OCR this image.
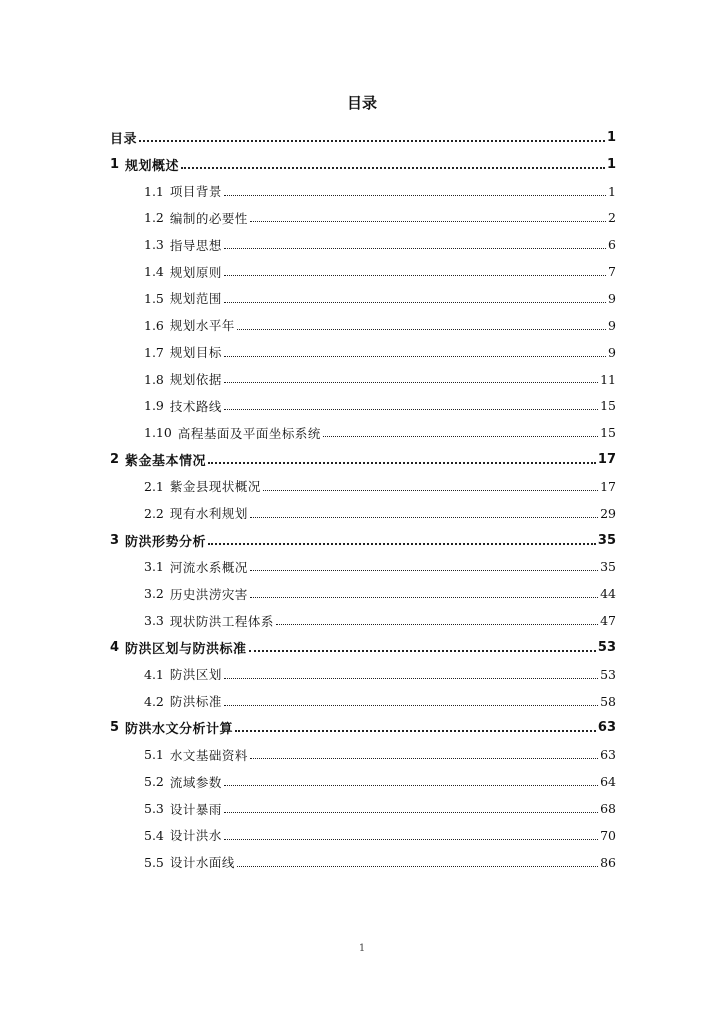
目录
目录	1
1 规划概述	1
1.1 项目背景	1
1.2 编制的必要性	2
1.3 指导思想	6
1.4 规划原则	7
1.5 规划范围	9
1.6 规划水平年	9
1.7 规划目标	9
1.8 规划依据	11
1.9 技术路线	15
1.10 高程基面及平面坐标系统	15
2 紫金基本情况	17
2.1 紫金县现状概况	17
2.2 现有水利规划	29
3 防洪形势分析	35
3.1 河流水系概况	35
3.2 历史洪涝灾害	44
3.3 现状防洪工程体系	47
4 防洪区划与防洪标准	53
4.1 防洪区划	53
4.2 防洪标准	58
5 防洪水文分析计算	63
5.1 水文基础资料	63
5.2 流域参数	64
5.3 设计暴雨	68
5.4 设计洪水	70
5.5 设计水面线	86
1
